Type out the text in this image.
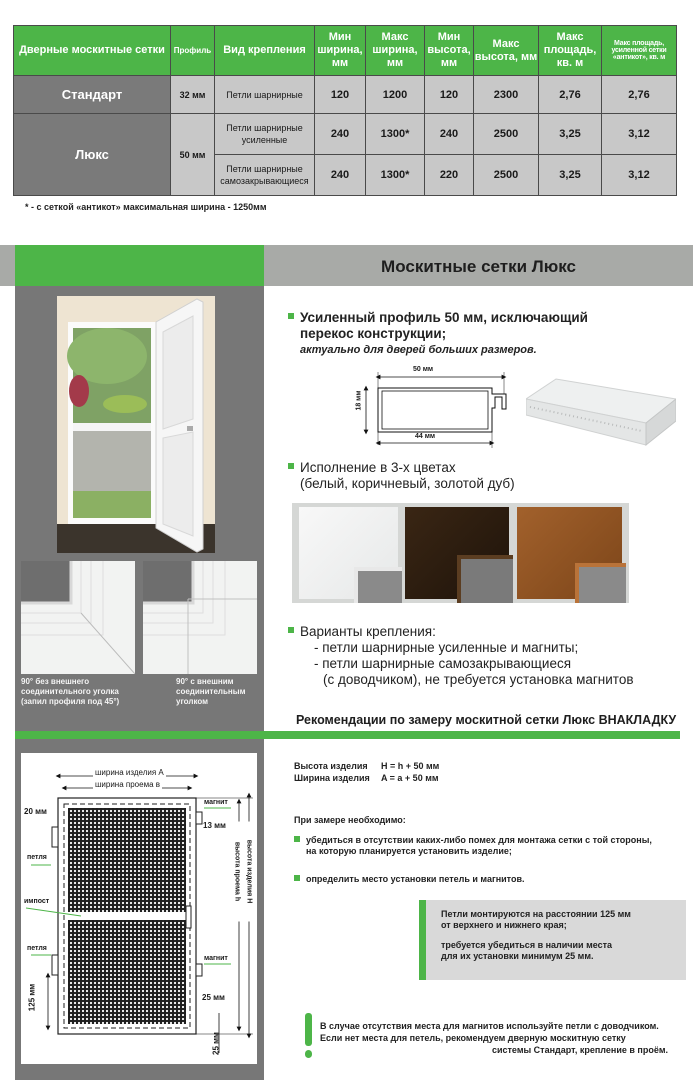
Дверные москитные сетки	Профиль	Вид крепления	Мин ширина, мм	Макс ширина, мм	Мин высота, мм	Макс высота, мм	Макс площадь, кв. м	Макс площадь, усиленной сетки «антикот», кв. м
Стандарт	32 мм	Петли шарнирные	120	1200	120	2300	2,76	2,76
Люкс	50 мм	Петли шарнирные усиленные	240	1300*	240	2500	3,25	3,12
		Петли шарнирные самозакрывающиеся	240	1300*	220	2500	3,25	3,12
* - с сеткой «антикот» максимальная ширина - 1250мм
Москитные сетки Люкс
90° без внешнего соединительного уголка (запил профиля под 45°)
90° с внешним соединительным уголком
ширина изделия А
ширина проема в
20 мм
13 мм
петля
импост
петля
магнит
магнит
25 мм
125 мм
25 мм
высота проема h высота изделия H
Усиленный профиль 50 мм, исключающий
перекос конструкции;
актуально для дверей больших размеров.
50 мм
18 мм
44 мм
Исполнение в 3-х цветах
(белый, коричневый, золотой дуб)
Варианты крепления:
- петли шарнирные усиленные и магниты;
- петли шарнирные самозакрывающиеся
(с доводчиком), не требуется установка магнитов
Рекомендации по замеру москитной сетки Люкс ВНАКЛАДКУ
Высота изделия H = h + 50 мм
Ширина изделия A = a + 50 мм
При замере необходимо:
убедиться в отсутствии каких-либо помех для монтажа сетки с той стороны,
на которую планируется установить изделие;
определить место установки петель и магнитов.
Петли монтируются на расстоянии 125 мм
от верхнего и нижнего края;
требуется убедиться в наличии места
для их установки минимум 25 мм.
В случае отсутствия места для магнитов используйте петли с доводчиком.
Если нет места для петель, рекомендуем дверную москитную сетку
системы Стандарт, крепление в проём.
